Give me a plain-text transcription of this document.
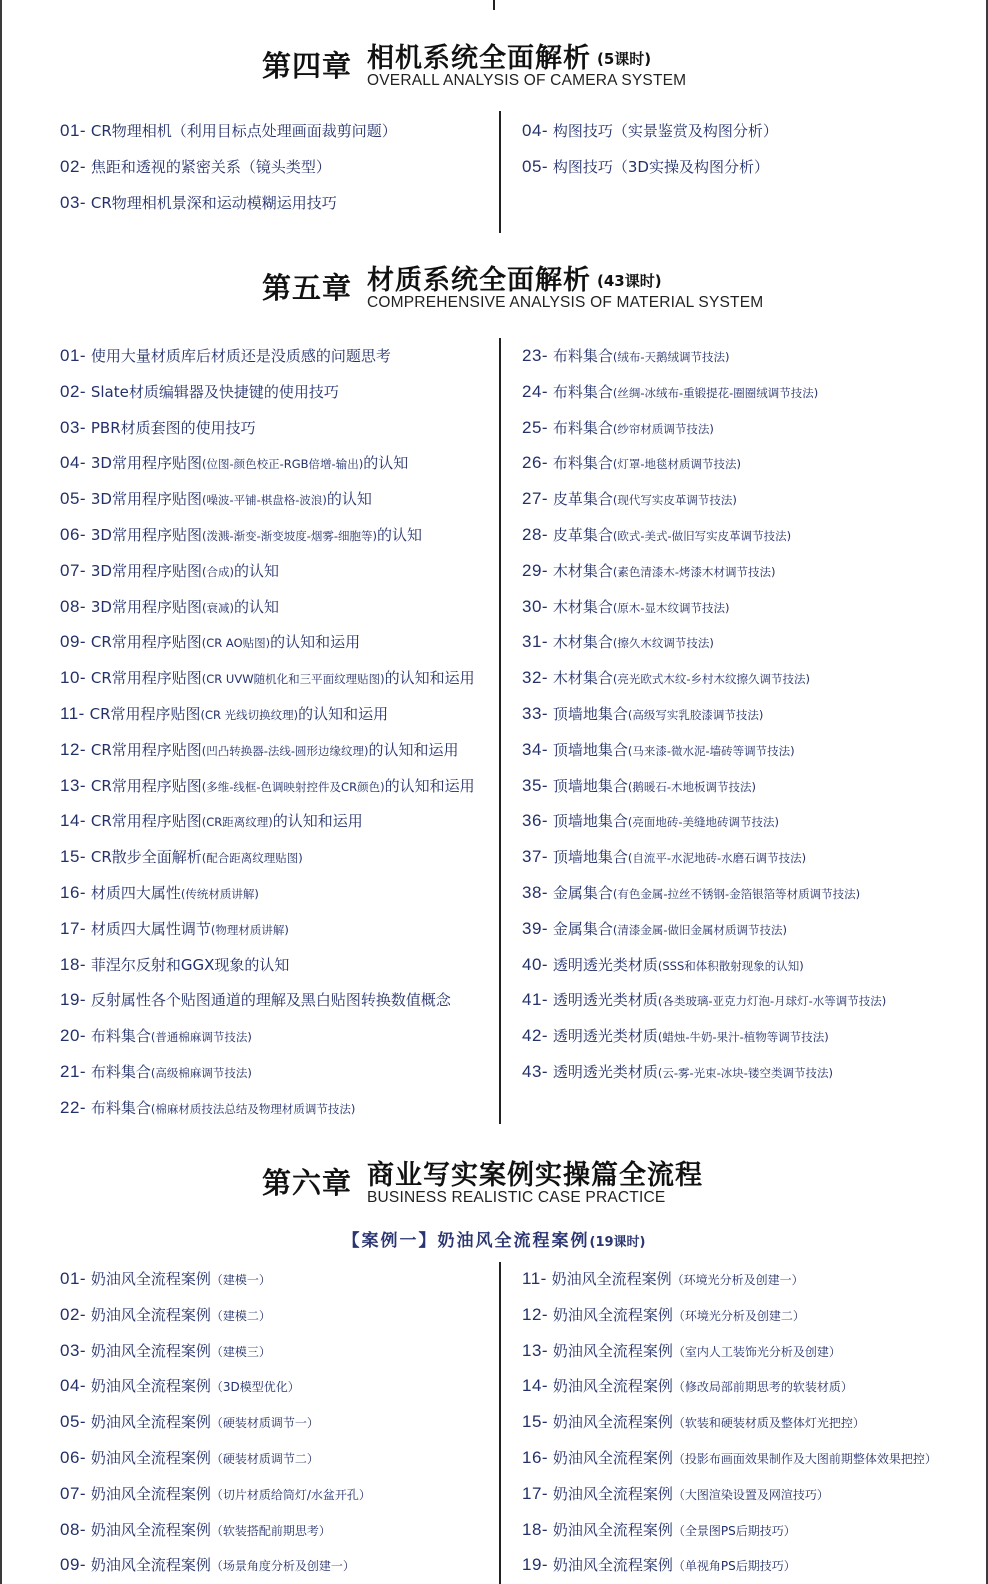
第四章 相机系统全面解析 (5课时)
OVERALL ANALYSIS OF CAMERA SYSTEM
01- CR物理相机（利用目标点处理画面裁剪问题）
02- 焦距和透视的紧密关系（镜头类型）
03- CR物理相机景深和运动模糊运用技巧
04- 构图技巧（实景鉴赏及构图分析）
05- 构图技巧（3D实操及构图分析）
第五章 材质系统全面解析 (43课时)
COMPREHENSIVE ANALYSIS OF MATERIAL SYSTEM
01- 使用大量材质库后材质还是没质感的问题思考
02- Slate材质编辑器及快捷键的使用技巧
03- PBR材质套图的使用技巧
04- 3D常用程序贴图(位图-颜色校正-RGB倍增-输出)的认知
05- 3D常用程序贴图(噪波-平铺-棋盘格-波浪)的认知
06- 3D常用程序贴图(泼溅-渐变-渐变坡度-烟雾-细胞等)的认知
07- 3D常用程序贴图(合成)的认知
08- 3D常用程序贴图(衰减)的认知
09- CR常用程序贴图(CR AO贴图)的认知和运用
10- CR常用程序贴图(CR UVW随机化和三平面纹理贴图)的认知和运用
11- CR常用程序贴图(CR 光线切换纹理)的认知和运用
12- CR常用程序贴图(凹凸转换器-法线-圆形边缘纹理)的认知和运用
13- CR常用程序贴图(多维-线框-色调映射控件及CR颜色)的认知和运用
14- CR常用程序贴图(CR距离纹理)的认知和运用
15- CR散步全面解析(配合距离纹理贴图)
16- 材质四大属性(传统材质讲解)
17- 材质四大属性调节(物理材质讲解)
18- 菲涅尔反射和GGX现象的认知
19- 反射属性各个贴图通道的理解及黑白贴图转换数值概念
20- 布料集合(普通棉麻调节技法)
21- 布料集合(高级棉麻调节技法)
22- 布料集合(棉麻材质技法总结及物理材质调节技法)
23- 布料集合(绒布-天鹅绒调节技法)
24- 布料集合(丝绸-冰绒布-重锻提花-圈圈绒调节技法)
25- 布料集合(纱帘材质调节技法)
26- 布料集合(灯罩-地毯材质调节技法)
27- 皮革集合(现代写实皮革调节技法)
28- 皮革集合(欧式-美式-做旧写实皮革调节技法)
29- 木材集合(素色清漆木-烤漆木材调节技法)
30- 木材集合(原木-显木纹调节技法)
31- 木材集合(擦久木纹调节技法)
32- 木材集合(亮光欧式木纹-乡村木纹擦久调节技法)
33- 顶墙地集合(高级写实乳胶漆调节技法)
34- 顶墙地集合(马来漆-微水泥-墙砖等调节技法)
35- 顶墙地集合(鹅暖石-木地板调节技法)
36- 顶墙地集合(亮面地砖-美缝地砖调节技法)
37- 顶墙地集合(自流平-水泥地砖-水磨石调节技法)
38- 金属集合(有色金属-拉丝不锈钢-金箔银箔等材质调节技法)
39- 金属集合(清漆金属-做旧金属材质调节技法)
40- 透明透光类材质(SSS和体积散射现象的认知)
41- 透明透光类材质(各类玻璃-亚克力灯泡-月球灯-水等调节技法)
42- 透明透光类材质(蜡烛-牛奶-果汁-植物等调节技法)
43- 透明透光类材质(云-雾-光束-冰块-镂空类调节技法)
第六章 商业写实案例实操篇全流程
BUSINESS REALISTIC CASE PRACTICE
【案例一】奶油风全流程案例(19课时)
01- 奶油风全流程案例（建模一）
02- 奶油风全流程案例（建模二）
03- 奶油风全流程案例（建模三）
04- 奶油风全流程案例（3D模型优化）
05- 奶油风全流程案例（硬装材质调节一）
06- 奶油风全流程案例（硬装材质调节二）
07- 奶油风全流程案例（切片材质给筒灯/水盆开孔）
08- 奶油风全流程案例（软装搭配前期思考）
09- 奶油风全流程案例（场景角度分析及创建一）
11- 奶油风全流程案例（环境光分析及创建一）
12- 奶油风全流程案例（环境光分析及创建二）
13- 奶油风全流程案例（室内人工装饰光分析及创建）
14- 奶油风全流程案例（修改局部前期思考的软装材质）
15- 奶油风全流程案例（软装和硬装材质及整体灯光把控）
16- 奶油风全流程案例（投影布画面效果制作及大图前期整体效果把控）
17- 奶油风全流程案例（大图渲染设置及网渲技巧）
18- 奶油风全流程案例（全景图PS后期技巧）
19- 奶油风全流程案例（单视角PS后期技巧）
